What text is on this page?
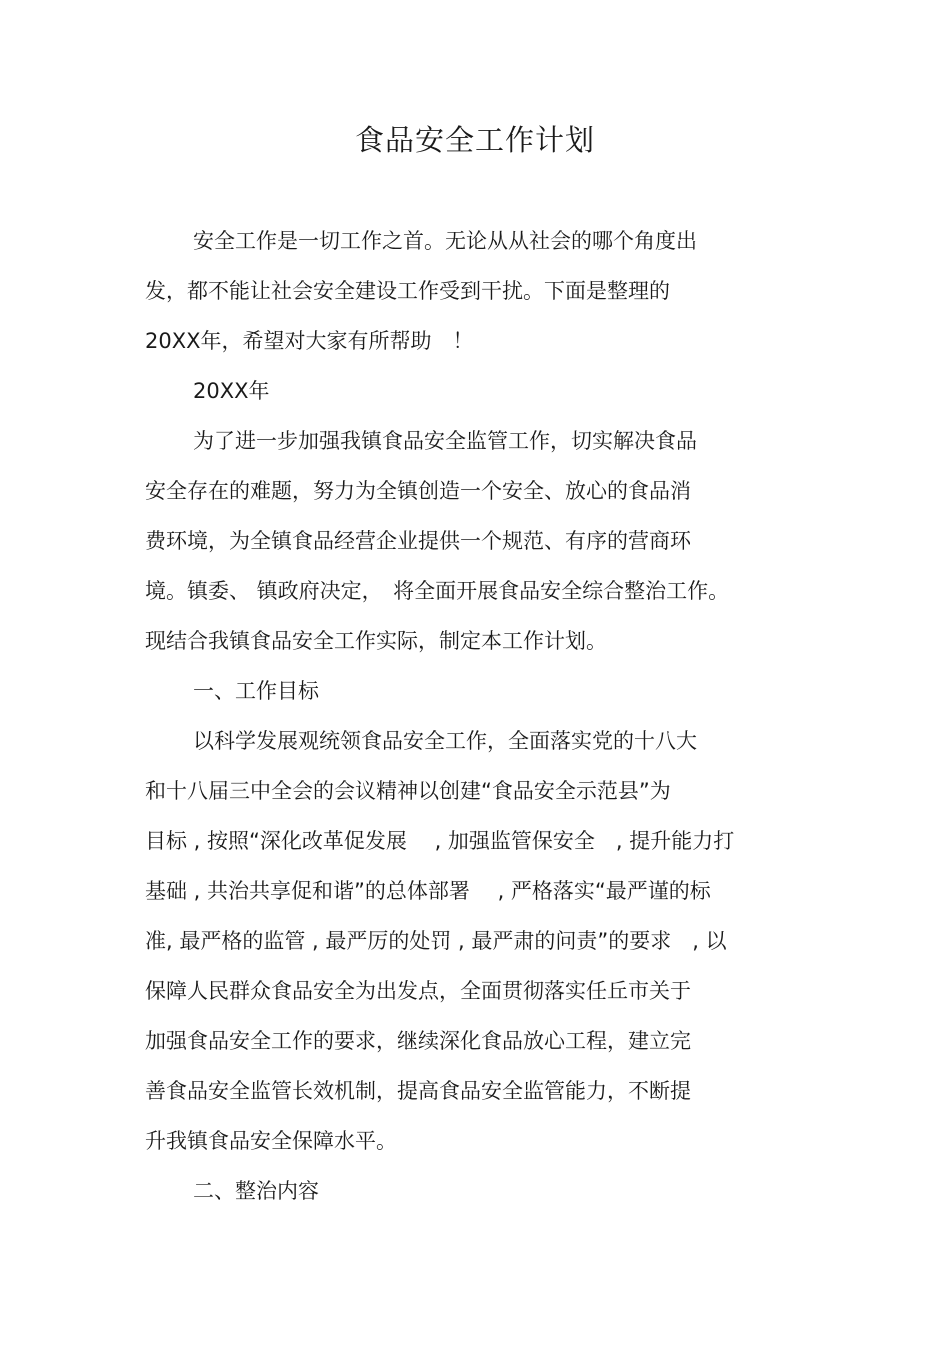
食品安全工作计划
安全工作是一切工作之首。无论从从社会的哪个角度出
发，都不能让社会安全建设工作受到干扰。下面是整理的
20XX年，希望对大家有所帮助　！
20XX年
为了进一步加强我镇食品安全监管工作，切实解决食品
安全存在的难题，努力为全镇创造一个安全、放心的食品消
费环境，为全镇食品经营企业提供一个规范、有序的营商环
境。镇委、 镇政府决定，　将全面开展食品安全综合整治工作。
现结合我镇食品安全工作实际，制定本工作计划。
一、工作目标
以科学发展观统领食品安全工作，全面落实党的十八大
和十八届三中全会的会议精神以创建“食品安全示范县”为
目标 , 按照“深化改革促发展　 , 加强监管保安全　, 提升能力打
基础 , 共治共享促和谐”的总体部署　 , 严格落实“最严谨的标
准, 最严格的监管 , 最严厉的处罚 , 最严肃的问责”的要求　, 以
保障人民群众食品安全为出发点，全面贯彻落实任丘市关于
加强食品安全工作的要求，继续深化食品放心工程，建立完
善食品安全监管长效机制，提高食品安全监管能力，不断提
升我镇食品安全保障水平。
二、整治内容
